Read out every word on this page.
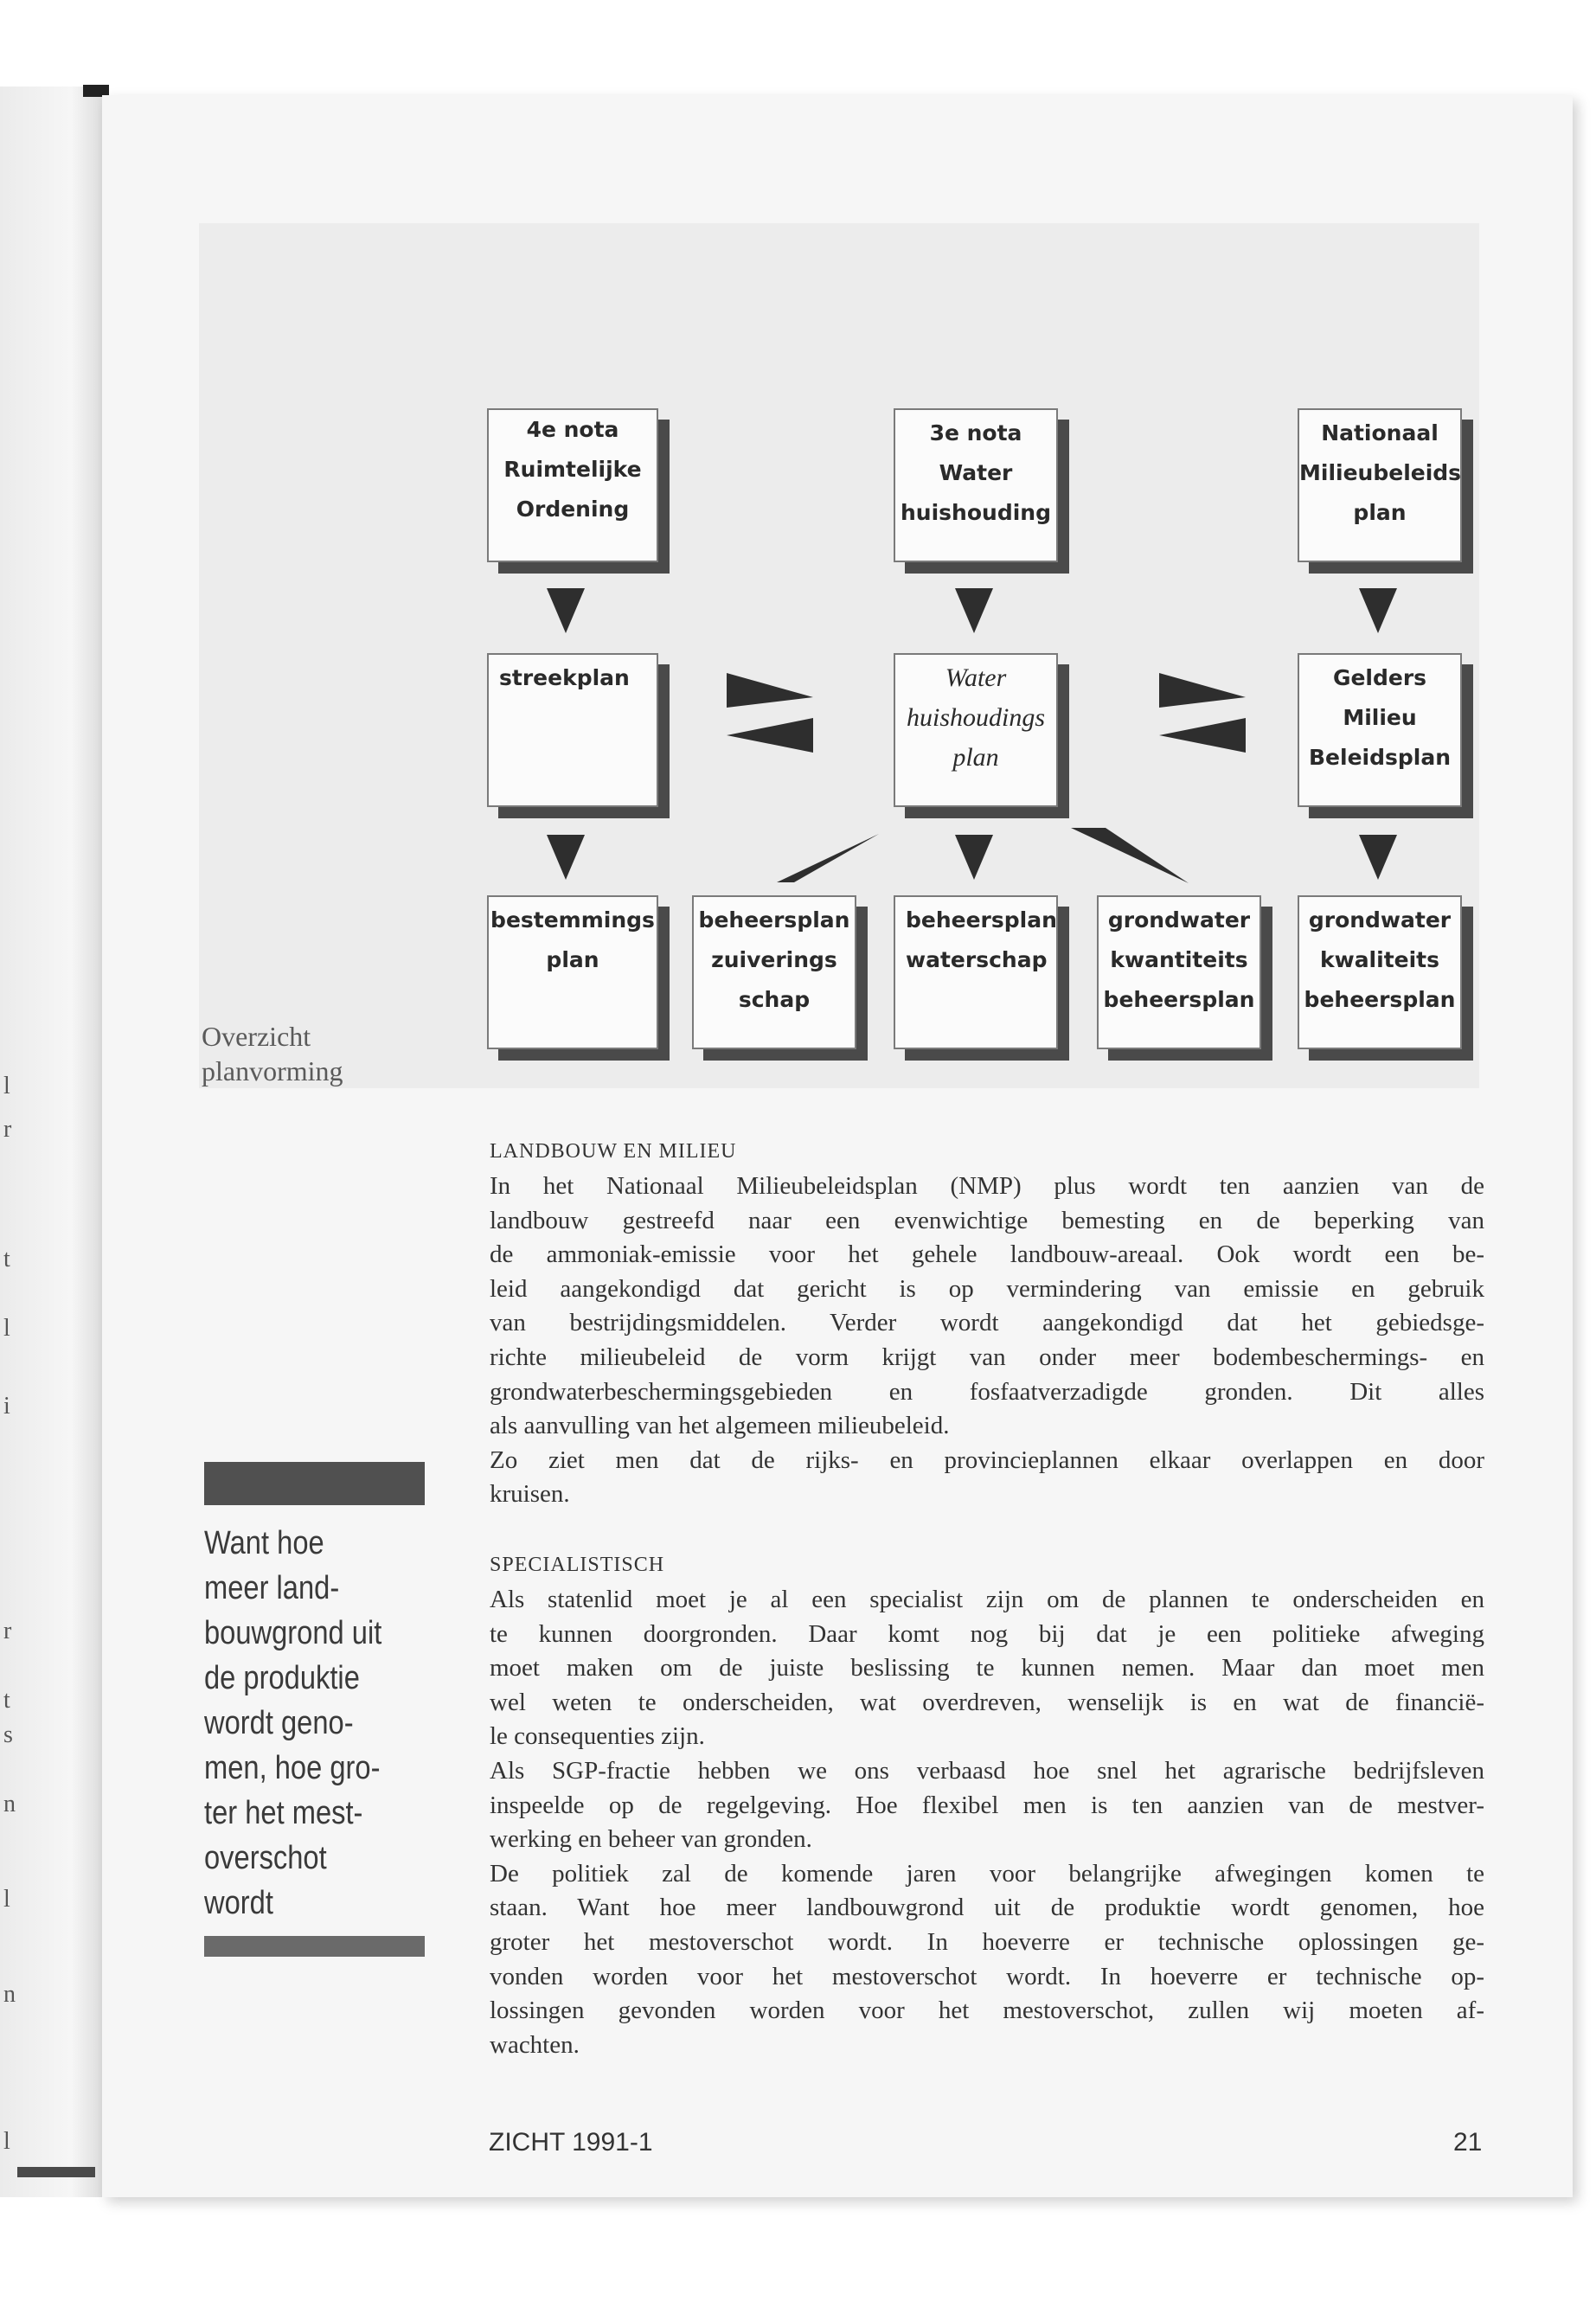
l
r
t
l
i
r
t
s
n
l
n
l
4e nota
Ruimtelijke
Ordening
3e nota
Water
huishouding
Nationaal
Milieubeleids
plan
streekplan	Water
huishoudings
plan
Gelders
Milieu
Beleidsplan
bestemmings
plan
beheersplan
zuiverings
schap
beheersplan
waterschap
grondwater
kwantiteits
beheersplan
grondwater
kwaliteits
beheersplan
Overzicht
planvorming
Want hoe
meer land-
bouwgrond uit
de produktie
wordt geno-
men, hoe gro-
ter het mest-
overschot
wordt
LANDBOUW EN MILIEU
In het Nationaal Milieubeleidsplan (NMP) plus wordt ten aanzien van de
landbouw gestreefd naar een evenwichtige bemesting en de beperking van
de ammoniak-emissie voor het gehele landbouw-areaal. Ook wordt een be-
leid aangekondigd dat gericht is op vermindering van emissie en gebruik
van bestrijdingsmiddelen. Verder wordt aangekondigd dat het gebiedsge-
richte milieubeleid de vorm krijgt van onder meer bodembeschermings- en
grondwaterbeschermingsgebieden en fosfaatverzadigde gronden. Dit alles
als aanvulling van het algemeen milieubeleid.
Zo ziet men dat de rijks- en provincieplannen elkaar overlappen en door
kruisen.
SPECIALISTISCH
Als statenlid moet je al een specialist zijn om de plannen te onderscheiden en
te kunnen doorgronden. Daar komt nog bij dat je een politieke afweging
moet maken om de juiste beslissing te kunnen nemen. Maar dan moet men
wel weten te onderscheiden, wat overdreven, wenselijk is en wat de financië-
le consequenties zijn.
Als SGP-fractie hebben we ons verbaasd hoe snel het agrarische bedrijfsleven
inspeelde op de regelgeving. Hoe flexibel men is ten aanzien van de mestver-
werking en beheer van gronden.
De politiek zal de komende jaren voor belangrijke afwegingen komen te
staan. Want hoe meer landbouwgrond uit de produktie wordt genomen, hoe
groter het mestoverschot wordt. In hoeverre er technische oplossingen ge-
vonden worden voor het mestoverschot wordt. In hoeverre er technische op-
lossingen gevonden worden voor het mestoverschot, zullen wij moeten af-
wachten.
ZICHT 1991-1	21
